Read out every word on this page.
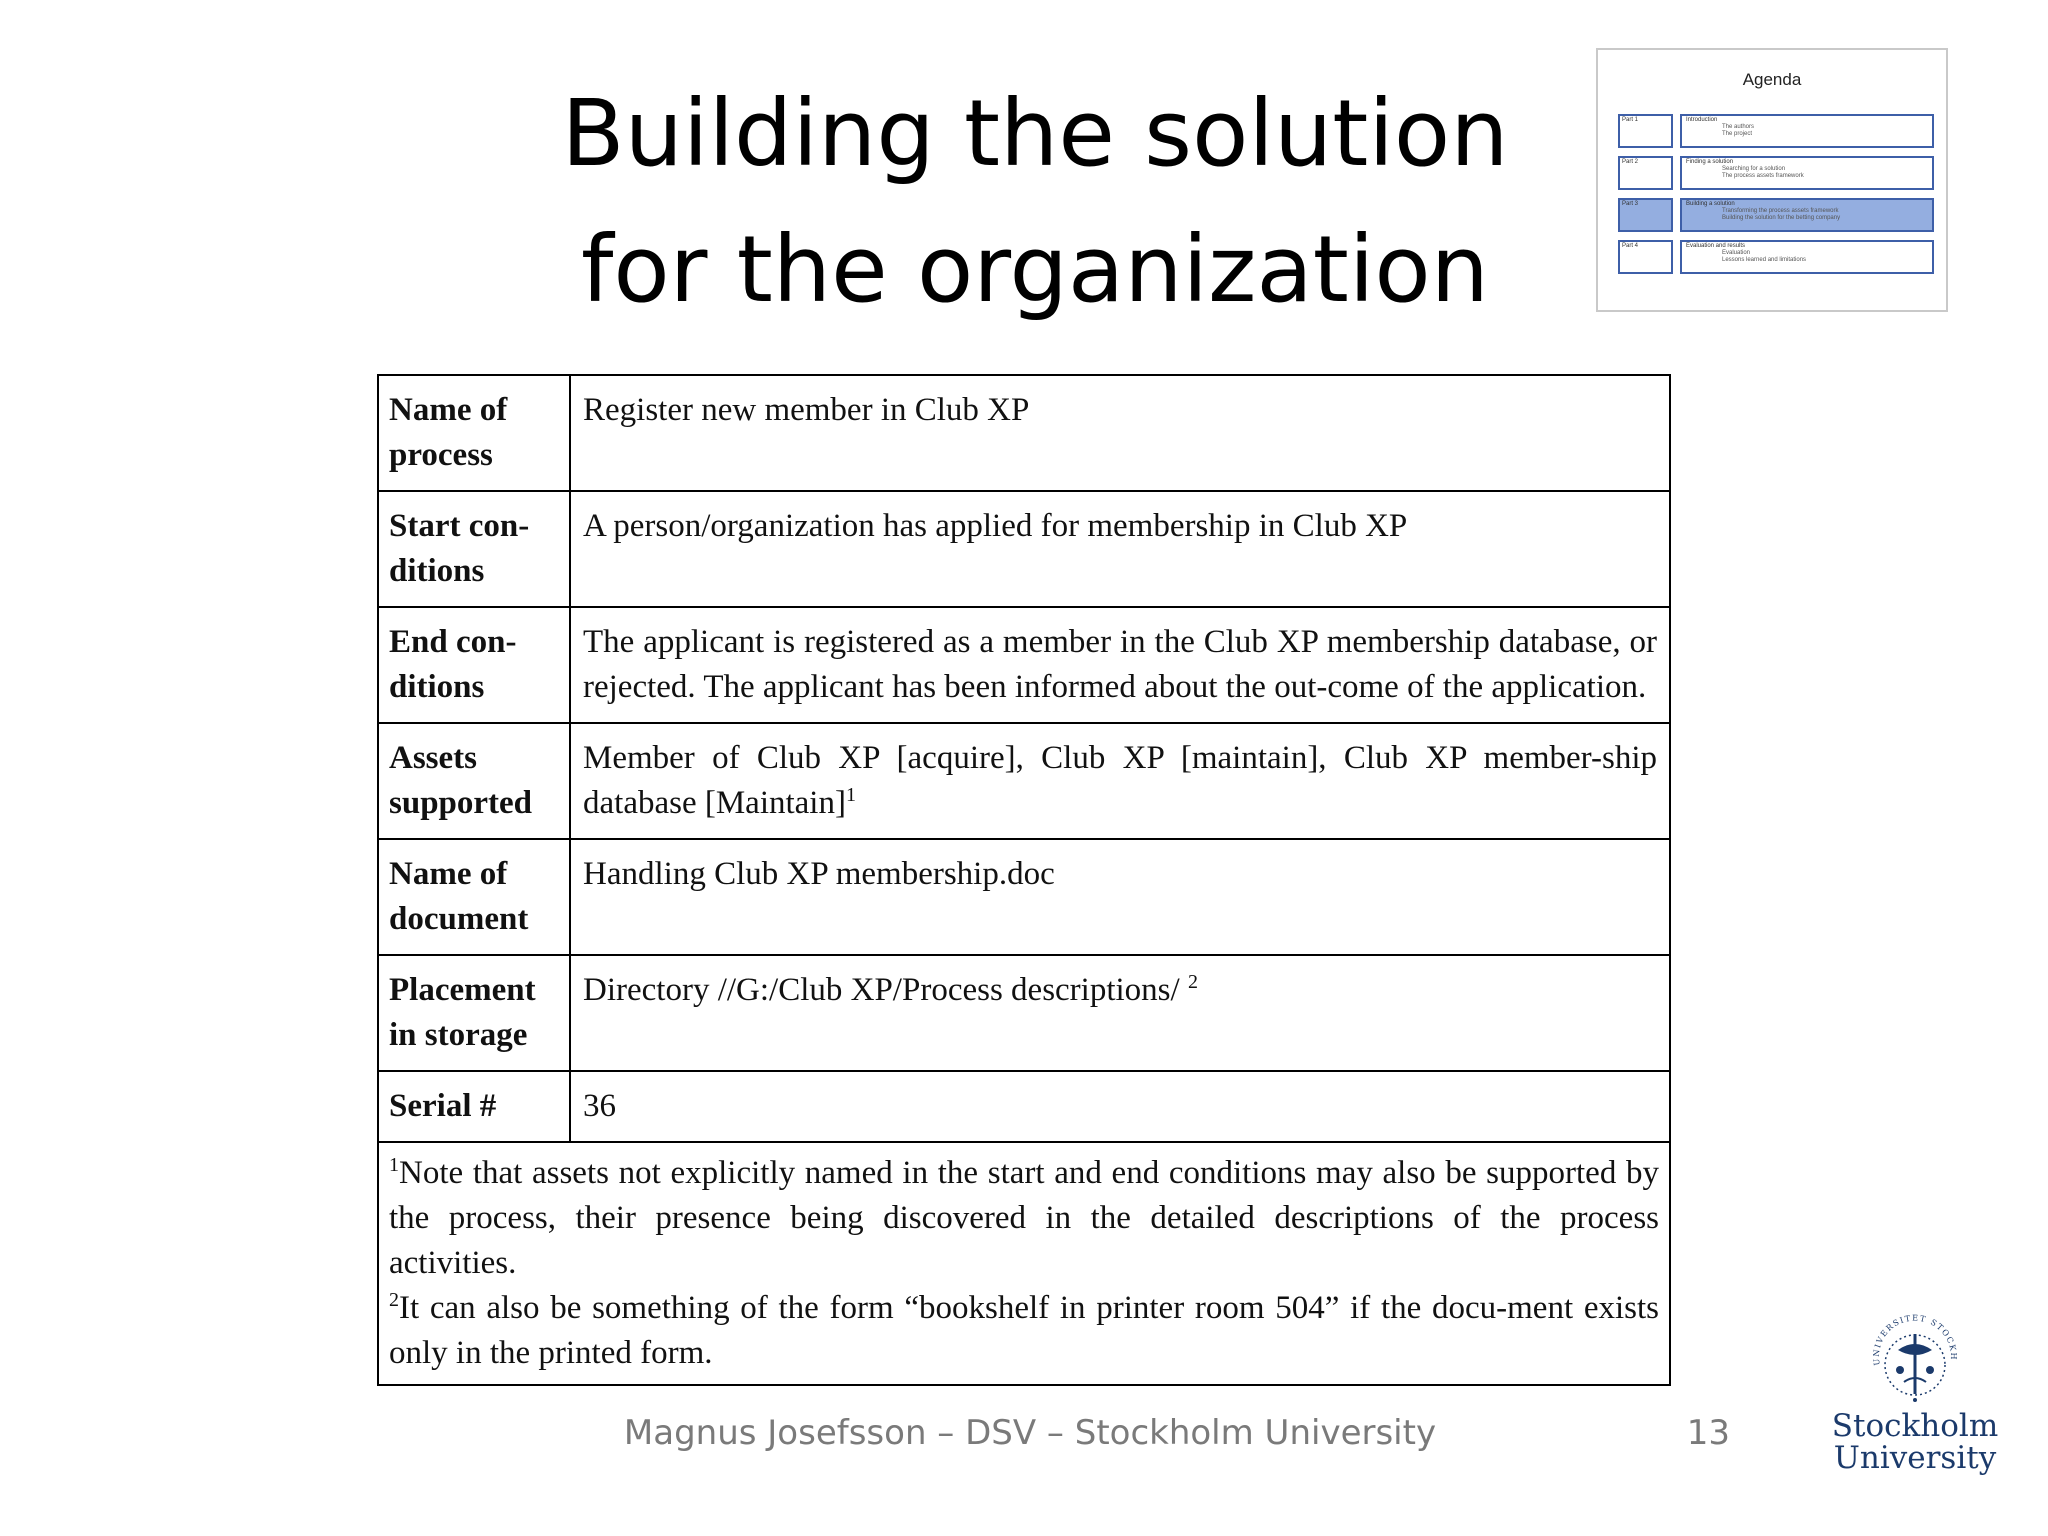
Building the solution
for the organization
Agenda
Part 1	Introduction
The authors
The project
Part 2	Finding a solution
Searching for a solution
The process assets framework
Part 3	Building a solution
Transforming the process assets framework
Building the solution for the betting company
Part 4	Evaluation and results
Evaluation
Lessons learned and limitations
Name of process	Register new member in Club XP
Start con-ditions	A person/organization has applied for membership in Club XP
End con-ditions	The applicant is registered as a member in the Club XP membership database, or rejected. The applicant has been informed about the out-come of the application.
Assets supported	Member of Club XP [acquire], Club XP [maintain], Club XP member-ship database [Maintain]$^1$
Name of document	Handling Club XP membership.doc
Placement in storage	Directory //G:/Club XP/Process descriptions/ $^2$
Serial #	36

$^1$Note that assets not explicitly named in the start and end conditions may also be supported by the process, their presence being discovered in the detailed descriptions of the process activities.
$^2$It can also be something of the form “bookshelf in printer room 504” if the docu-ment exists only in the printed form.	
Magnus Josefsson – DSV – Stockholm University	13
UNIVERSITET STOCKH
Stockholm
University
